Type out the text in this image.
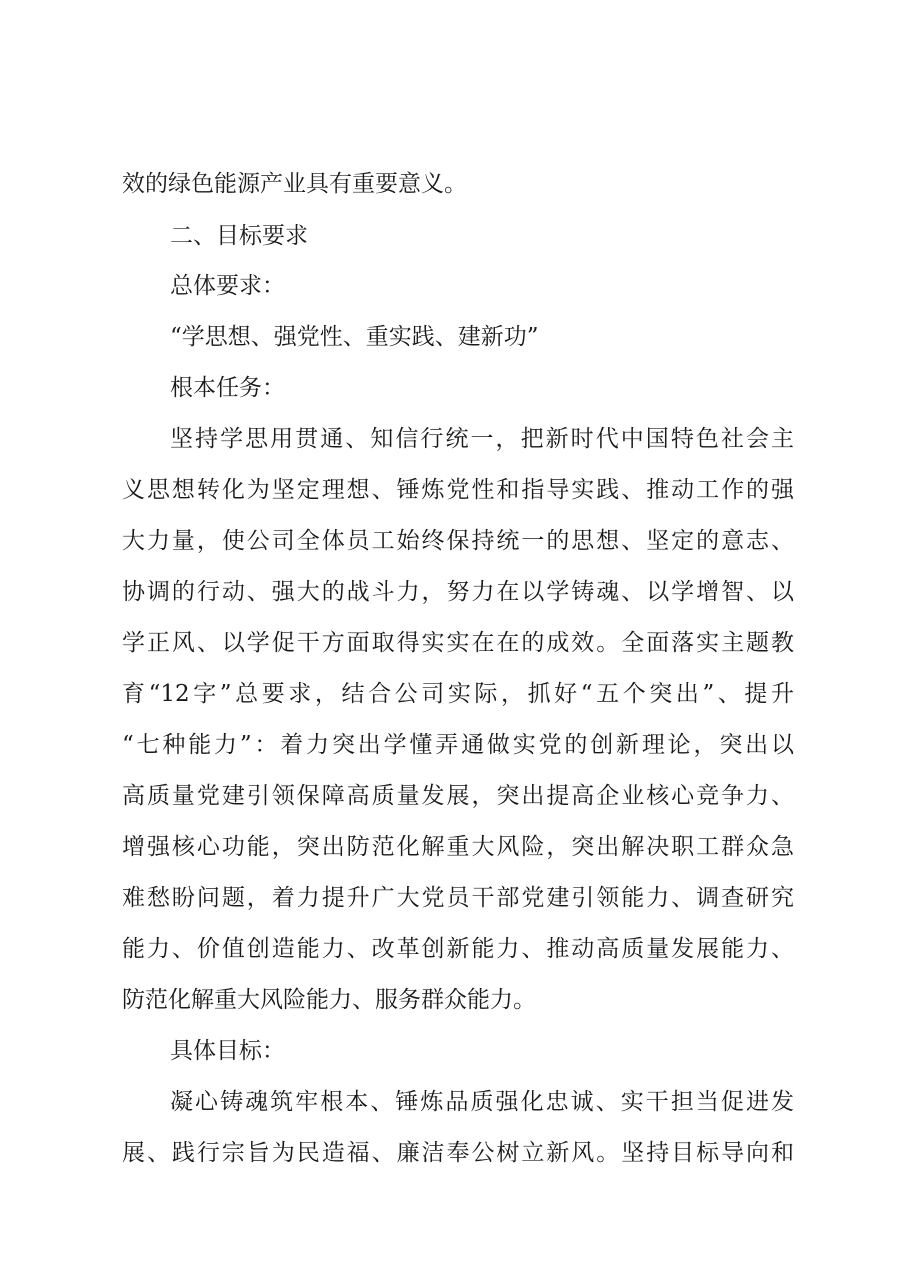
效的绿色能源产业具有重要意义。
二、目标要求
总体要求：
“学思想、强党性、重实践、建新功”
根本任务：
坚持学思用贯通、知信行统一，把新时代中国特色社会主
义思想转化为坚定理想、锤炼党性和指导实践、推动工作的强
大力量，使公司全体员工始终保持统一的思想、坚定的意志、
协调的行动、强大的战斗力，努力在以学铸魂、以学增智、以
学正风、以学促干方面取得实实在在的成效。全面落实主题教
育“12字”总要求，结合公司实际，抓好“五个突出”、提升
“七种能力”：着力突出学懂弄通做实党的创新理论，突出以
高质量党建引领保障高质量发展，突出提高企业核心竞争力、
增强核心功能，突出防范化解重大风险，突出解决职工群众急
难愁盼问题，着力提升广大党员干部党建引领能力、调查研究
能力、价值创造能力、改革创新能力、推动高质量发展能力、
防范化解重大风险能力、服务群众能力。
具体目标：
凝心铸魂筑牢根本、锤炼品质强化忠诚、实干担当促进发
展、践行宗旨为民造福、廉洁奉公树立新风。坚持目标导向和
